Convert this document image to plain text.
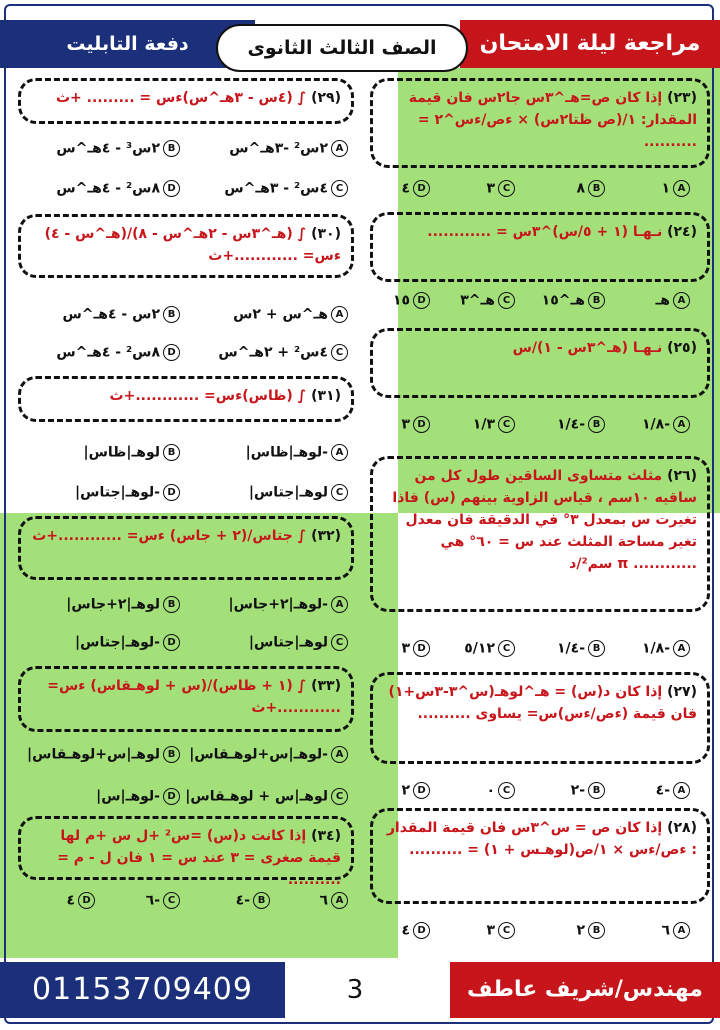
مراجعة ليلة الامتحان
دفعة التابليت	الصف الثالث الثانوى
(٢٣) إذا كان ص=هـ^٣س جا٢س فان قيمة المقدار: ١/(ص ظتا٢س) × ءص/ءس^٢ = ..........
A١
B٨
C٣
D٤
(٢٤) نـهـا (١ + ٥/س)^٣س = ............
Aهـ
Bهـ^١٥
Cهـ^٣
D١٥
(٢٥) نـهـا (هـ^٣س - ١)/س
A-١/٨
B-١/٤
C١/٣
D٣
(٢٦) مثلث متساوى الساقين طول كل من ساقيه ١٠سم ، قياس الزاوية بينهم (س) فاذا تغيرت س بمعدل ٣° في الدقيقة فان معدل تغير مساحة المثلث عند س = ٦٠° هي ............ π سم²/د
A-١/٨
B-١/٤
C٥/١٢
D٣
(٢٧) إذا كان د(س) = هـ^لوهـ(س^٣-٣س+١) فان قيمة (ءص/ءس)س= يساوى ..........
A-٤
B-٢
C٠
D٢
(٢٨) إذا كان ص = س^٣س فان قيمة المقدار : ءص/ءس × ١/ص(لوهـس + ١) = ..........
A٦
B٢
C٣
D٤
(٢٩) ∫ (٤س - ٣هـ^س)ءس = ......... +ث
A٢س² -٣هـ^س
B٢س³ - ٤هـ^س
C٤س² - ٣هـ^س
D٨س² - ٤هـ^س
(٣٠) ∫ (هـ^٣س - ٢هـ^س - ٨)/(هـ^س - ٤) ءس= ............+ث
Aهـ^س + ٢س
B٢س - ٤هـ^س
C٤س² + ٢هـ^س
D٨س² - ٤هـ^س
(٣١) ∫ (ظاس)ءس= ............+ث
A-لوهـ|ظاس|
Bلوهـ|ظاس|
Cلوهـ|جتاس|
D-لوهـ|جتاس|
(٣٢) ∫ جتاس/(٢ + جاس) ءس= ............+ث
A-لوهـ|٢+جاس|
Bلوهـ|٢+جاس|
Cلوهـ|جتاس|
D-لوهـ|جتاس|
(٣٣) ∫ (١ + ظاس)/(س + لوهـقاس) ءس= ............+ث
A-لوهـ|س+لوهـقاس|
Bلوهـ|س+لوهـقاس|
Cلوهـ|س + لوهـقاس|
D-لوهـ|س|
(٣٤) إذا كانت د(س) =س² +ل س +م لها قيمة صغرى = ٣ عند س = ١ فان ل - م = ..........
A٦
B-٤
C-٦
D٤
مهندس/شريف عاطف
3
01153709409
